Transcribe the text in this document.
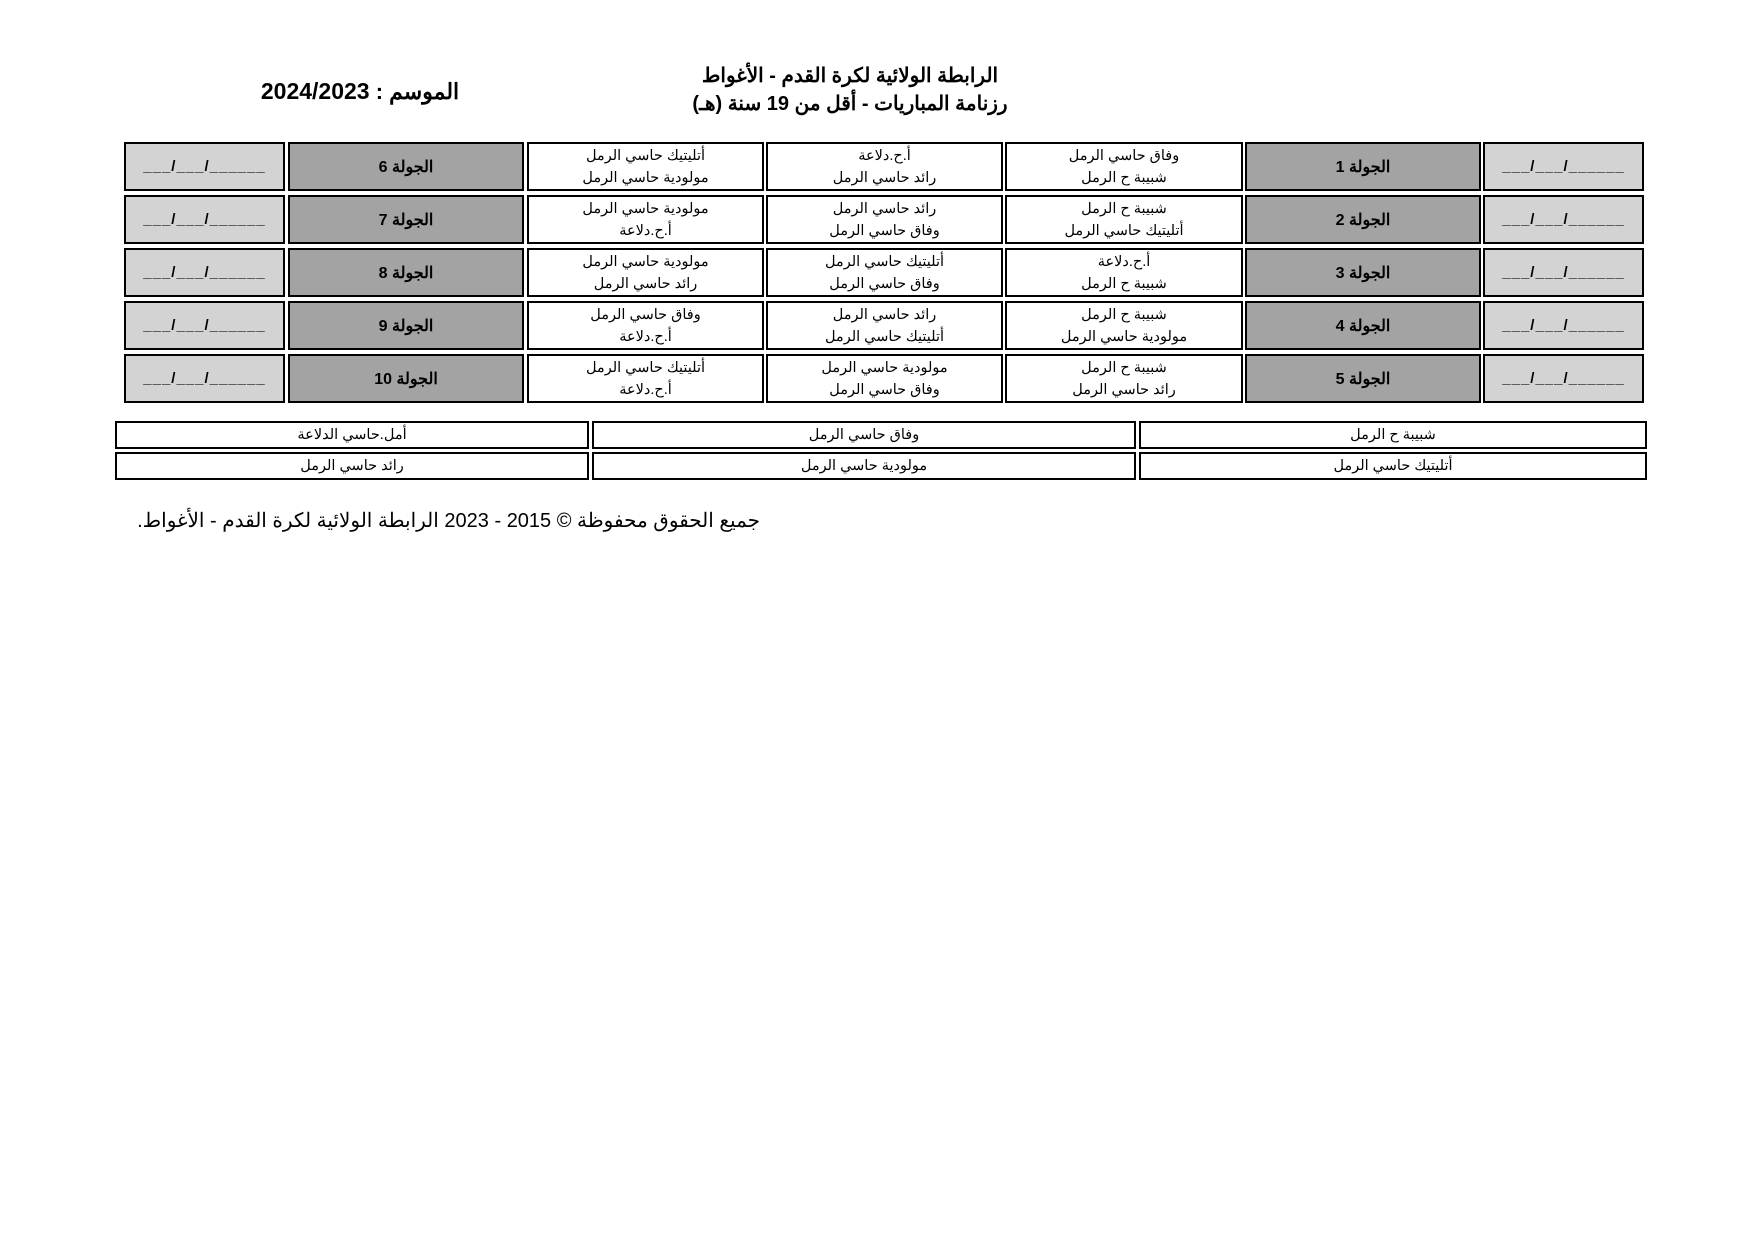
الرابطة الولائية لكرة القدم - الأغواط
رزنامة المباريات - أقل من 19 سنة (هـ)
الموسم : 2024/2023
___/___/______
الجولة 1
وفاق حاسي الرمل
شبيبة ح الرمل
أ.ح.دلاعة
رائد حاسي الرمل
أتليتيك حاسي الرمل
مولودية حاسي الرمل
الجولة 6
___/___/______
___/___/______
الجولة 2
شبيبة ح الرمل
أتليتيك حاسي الرمل
رائد حاسي الرمل
وفاق حاسي الرمل
مولودية حاسي الرمل
أ.ح.دلاعة
الجولة 7
___/___/______
___/___/______
الجولة 3
أ.ح.دلاعة
شبيبة ح الرمل
أتليتيك حاسي الرمل
وفاق حاسي الرمل
مولودية حاسي الرمل
رائد حاسي الرمل
الجولة 8
___/___/______
___/___/______
الجولة 4
شبيبة ح الرمل
مولودية حاسي الرمل
رائد حاسي الرمل
أتليتيك حاسي الرمل
وفاق حاسي الرمل
أ.ح.دلاعة
الجولة 9
___/___/______
___/___/______
الجولة 5
شبيبة ح الرمل
رائد حاسي الرمل
مولودية حاسي الرمل
وفاق حاسي الرمل
أتليتيك حاسي الرمل
أ.ح.دلاعة
الجولة 10
___/___/______
شبيبة ح الرمل
وفاق حاسي الرمل
أمل.حاسي الدلاعة
أتليتيك حاسي الرمل
مولودية حاسي الرمل
رائد حاسي الرمل
جميع الحقوق محفوظة © 2015 - 2023 الرابطة الولائية لكرة القدم - الأغواط.
